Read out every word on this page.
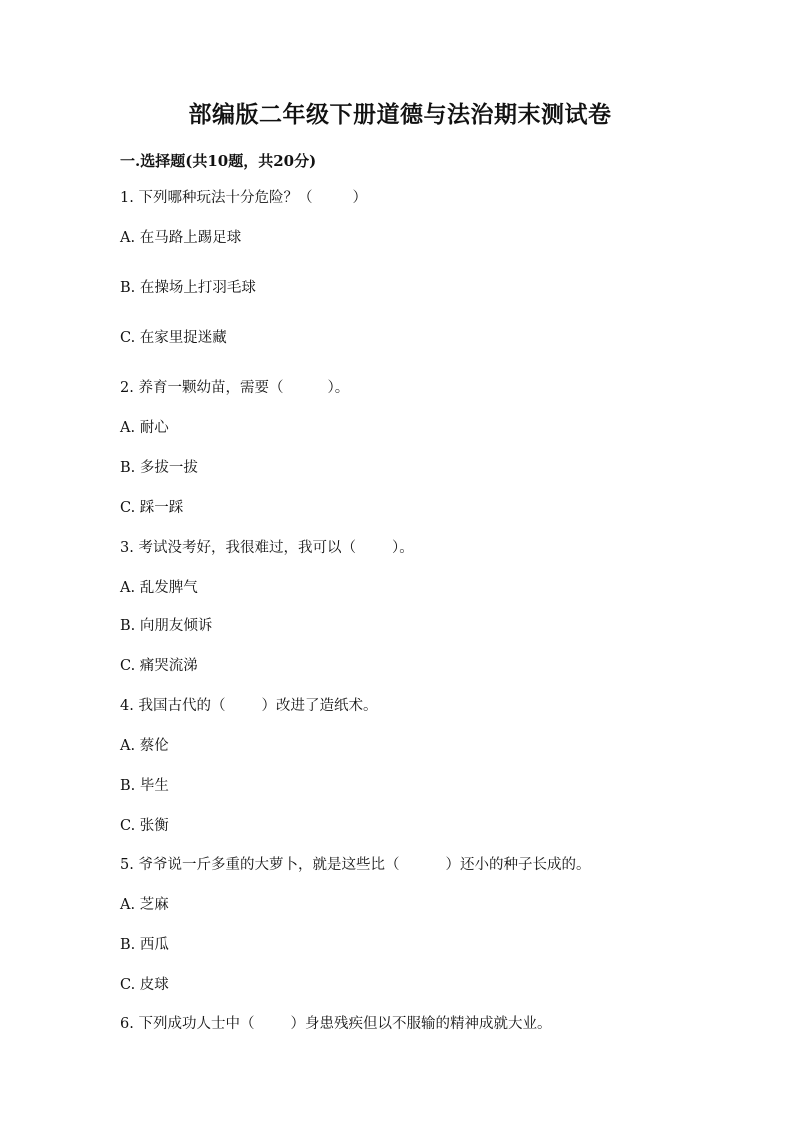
部编版二年级下册道德与法治期末测试卷
一.选择题(共10题，共20分)
1. 下列哪种玩法十分危险？（	）
A. 在马路上踢足球
B. 在操场上打羽毛球
C. 在家里捉迷藏
2. 养育一颗幼苗，需要（	）。
A. 耐心
B. 多拔一拔
C. 踩一踩
3. 考试没考好，我很难过，我可以（ ）。
A. 乱发脾气
B. 向朋友倾诉
C. 痛哭流涕
4. 我国古代的（ ）改进了造纸术。
A. 蔡伦
B. 毕生
C. 张衡
5. 爷爷说一斤多重的大萝卜，就是这些比（	）还小的种子长成的。
A. 芝麻
B. 西瓜
C. 皮球
6. 下列成功人士中（ ）身患残疾但以不服输的精神成就大业。
